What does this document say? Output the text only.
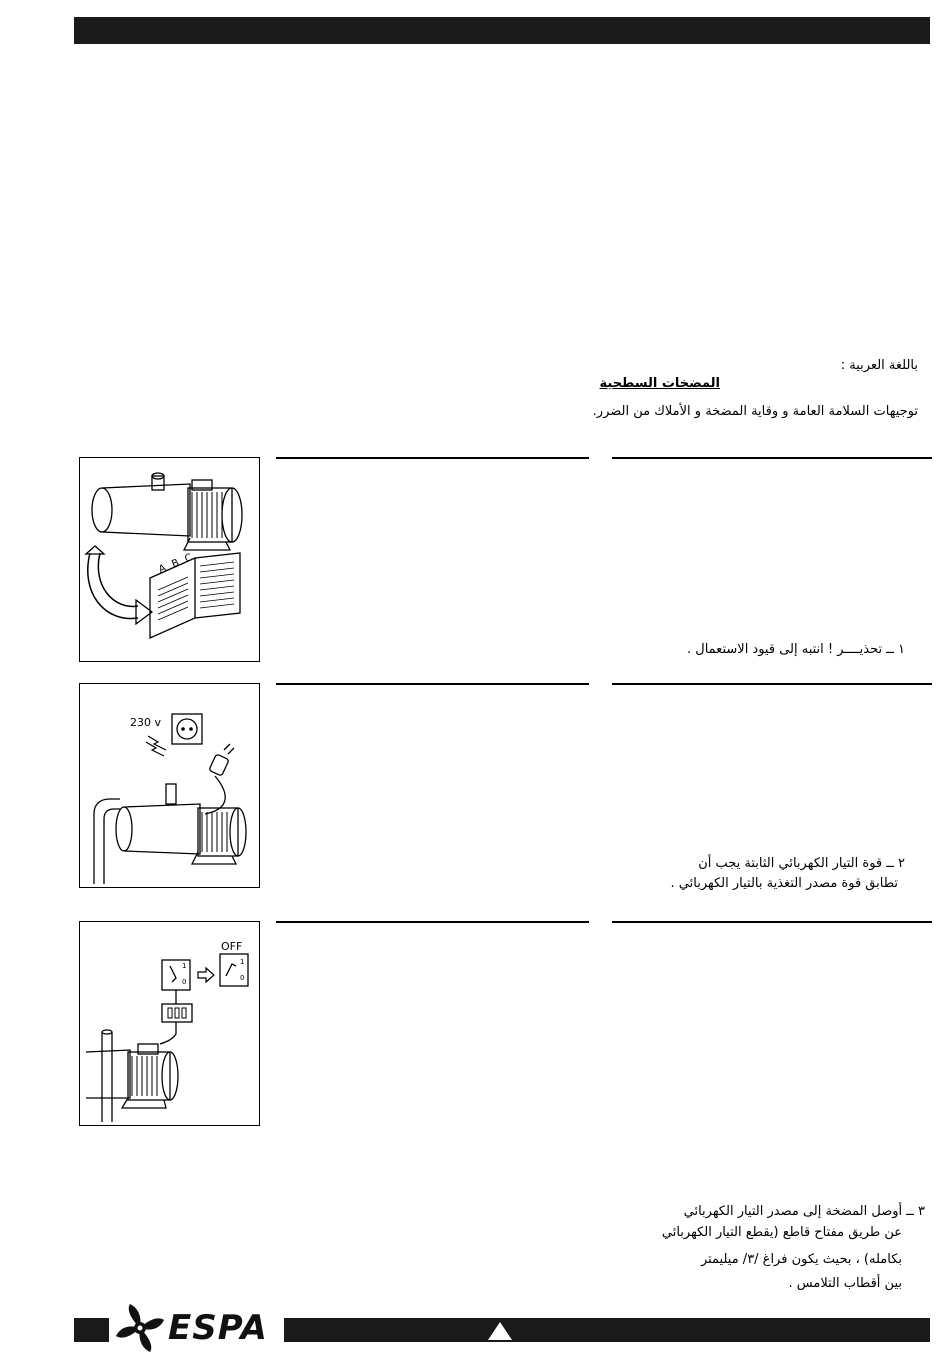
باللغة العربية :
المضخات السطحية
توجيهات السلامة العامة و وقاية المضخة و الأملاك من الضرر.
A B C
١ ــ تحذيــــر ! انتبه إلى قيود الاستعمال .
230 v
٢ ــ قوة التيار الكهربائي الثابتة يجب أن
تطابق قوة مصدر التغذية بالتيار الكهربائي .
OFF
1
0
1
0
٣ ــ أوصل المضخة إلى مصدر التيار الكهربائي
عن طريق مفتاح قاطع (يقطع التيار الكهربائي
بكامله) ، بحيث يكون فراغ /٣/ ميليمتر
بين أقطاب التلامس .
ESPA
